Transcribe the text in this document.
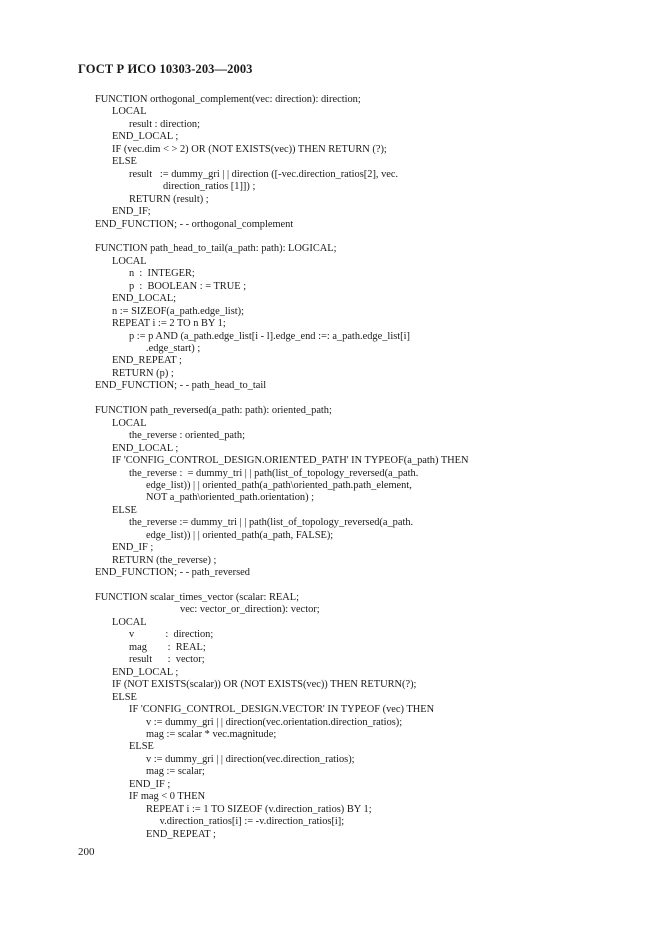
ГОСТ Р ИСО 10303-203—2003
FUNCTION orthogonal_complement(vec: direction): direction;
LOCAL
result : direction;
END_LOCAL ;
IF (vec.dim < > 2) OR (NOT EXISTS(vec)) THEN RETURN (?);
ELSE
result   := dummy_gri | | direction ([-vec.direction_ratios[2], vec.
direction_ratios [1]]) ;
RETURN (result) ;
END_IF;
END_FUNCTION; - - orthogonal_complement
FUNCTION path_head_to_tail(a_path: path): LOGICAL;
LOCAL
n  :  INTEGER;
p  :  BOOLEAN : = TRUE ;
END_LOCAL;
n := SIZEOF(a_path.edge_list);
REPEAT i := 2 TO n BY 1;
p := p AND (a_path.edge_list[i - l].edge_end :=: a_path.edge_list[i]
.edge_start) ;
END_REPEAT ;
RETURN (p) ;
END_FUNCTION; - - path_head_to_tail
FUNCTION path_reversed(a_path: path): oriented_path;
LOCAL
the_reverse : oriented_path;
END_LOCAL ;
IF 'CONFIG_CONTROL_DESIGN.ORIENTED_PATH' IN TYPEOF(a_path) THEN
the_reverse :  = dummy_tri | | path(list_of_topology_reversed(a_path.
edge_list)) | | oriented_path(a_path\oriented_path.path_element,
NOT a_path\oriented_path.orientation) ;
ELSE
the_reverse := dummy_tri | | path(list_of_topology_reversed(a_path.
edge_list)) | | oriented_path(a_path, FALSE);
END_IF ;
RETURN (the_reverse) ;
END_FUNCTION; - - path_reversed
FUNCTION scalar_times_vector (scalar: REAL;
vec: vector_or_direction): vector;
LOCAL
v            :  direction;
mag        :  REAL;
result      :  vector;
END_LOCAL ;
IF (NOT EXISTS(scalar)) OR (NOT EXISTS(vec)) THEN RETURN(?);
ELSE
IF 'CONFIG_CONTROL_DESIGN.VECTOR' IN TYPEOF (vec) THEN
v := dummy_gri | | direction(vec.orientation.direction_ratios);
mag := scalar * vec.magnitude;
ELSE
v := dummy_gri | | direction(vec.direction_ratios);
mag := scalar;
END_IF ;
IF mag < 0 THEN
REPEAT i := 1 TO SIZEOF (v.direction_ratios) BY 1;
v.direction_ratios[i] := -v.direction_ratios[i];
END_REPEAT ;
200
